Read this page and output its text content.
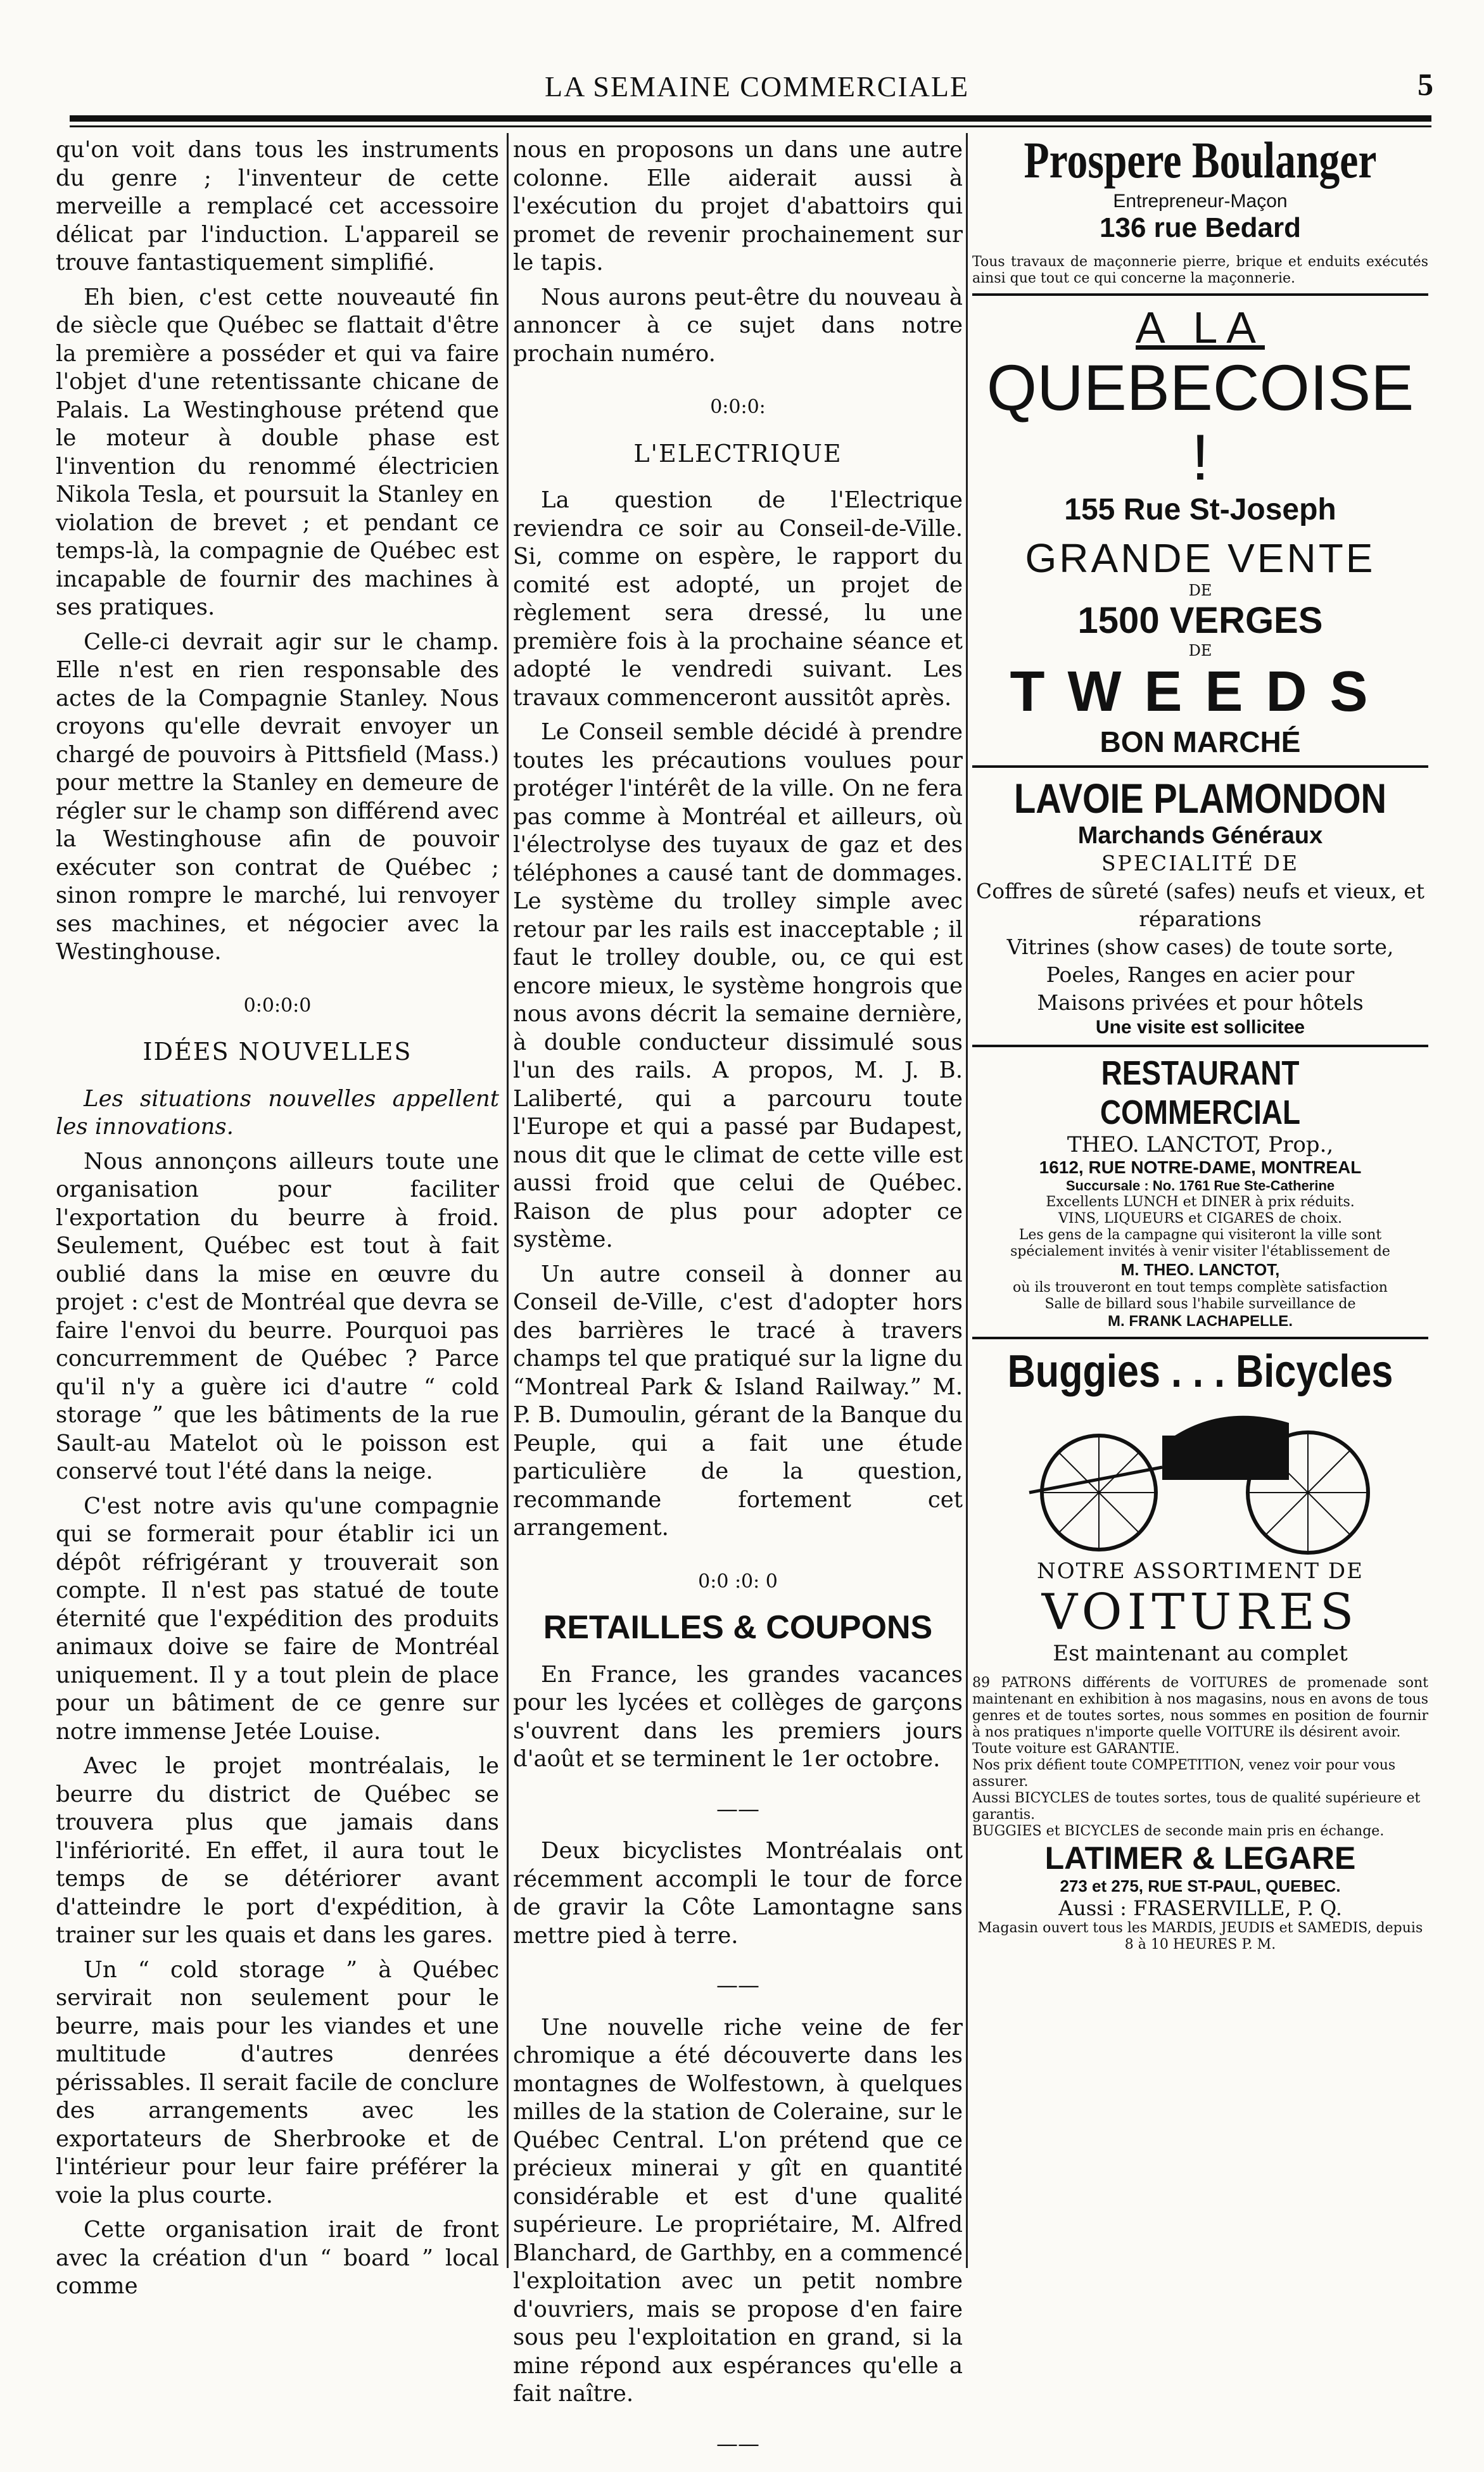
LA SEMAINE COMMERCIALE	5

qu'on voit dans tous les instruments du genre ; l'inventeur de cette merveille a remplacé cet accessoire délicat par l'induction. L'appareil se trouve fantastiquement simplifié.

Eh bien, c'est cette nouveauté fin de siècle que Québec se flattait d'être la première a posséder et qui va faire l'objet d'une retentissante chicane de Palais. La Westinghouse prétend que le moteur à double phase est l'invention du renommé électricien Nikola Tesla, et poursuit la Stanley en violation de brevet ; et pendant ce temps-là, la compagnie de Québec est incapable de fournir des machines à ses pratiques.

Celle-ci devrait agir sur le champ. Elle n'est en rien responsable des actes de la Compagnie Stanley. Nous croyons qu'elle devrait envoyer un chargé de pouvoirs à Pittsfield (Mass.) pour mettre la Stanley en demeure de régler sur le champ son différend avec la Westinghouse afin de pouvoir exécuter son contrat de Québec ; sinon rompre le marché, lui renvoyer ses machines, et négocier avec la Westinghouse.

0:0:0:0
IDÉES NOUVELLES

Les situations nouvelles appellent les innovations.

Nous annonçons ailleurs toute une organisation pour faciliter l'exportation du beurre à froid. Seulement, Québec est tout à fait oublié dans la mise en œuvre du projet : c'est de Montréal que devra se faire l'envoi du beurre. Pourquoi pas concurremment de Québec ? Parce qu'il n'y a guère ici d'autre “ cold storage ” que les bâtiments de la rue Sault-au Matelot où le poisson est conservé tout l'été dans la neige.

C'est notre avis qu'une compagnie qui se formerait pour établir ici un dépôt réfrigérant y trouverait son compte. Il n'est pas statué de toute éternité que l'expédition des produits animaux doive se faire de Montréal uniquement. Il y a tout plein de place pour un bâtiment de ce genre sur notre immense Jetée Louise.

Avec le projet montréalais, le beurre du district de Québec se trouvera plus que jamais dans l'infériorité. En effet, il aura tout le temps de se détériorer avant d'atteindre le port d'expédition, à trainer sur les quais et dans les gares.

Un “ cold storage ” à Québec servirait non seulement pour le beurre, mais pour les viandes et une multitude d'autres denrées périssables. Il serait facile de conclure des arrangements avec les exportateurs de Sherbrooke et de l'intérieur pour leur faire préférer la voie la plus courte.

Cette organisation irait de front avec la création d'un “ board ” local comme

nous en proposons un dans une autre colonne. Elle aiderait aussi à l'exécution du projet d'abattoirs qui promet de revenir prochainement sur le tapis.

Nous aurons peut-être du nouveau à annoncer à ce sujet dans notre prochain numéro.

0:0:0:
L'ELECTRIQUE

La question de l'Electrique reviendra ce soir au Conseil-de-Ville. Si, comme on espère, le rapport du comité est adopté, un projet de règlement sera dressé, lu une première fois à la prochaine séance et adopté le vendredi suivant. Les travaux commenceront aussitôt après.

Le Conseil semble décidé à prendre toutes les précautions voulues pour protéger l'intérêt de la ville. On ne fera pas comme à Montréal et ailleurs, où l'électrolyse des tuyaux de gaz et des téléphones a causé tant de dommages. Le système du trolley simple avec retour par les rails est inacceptable ; il faut le trolley double, ou, ce qui est encore mieux, le système hongrois que nous avons décrit la semaine dernière, à double conducteur dissimulé sous l'un des rails. A propos, M. J. B. Laliberté, qui a parcouru toute l'Europe et qui a passé par Budapest, nous dit que le climat de cette ville est aussi froid que celui de Québec. Raison de plus pour adopter ce système.

Un autre conseil à donner au Conseil de-Ville, c'est d'adopter hors des barrières le tracé à travers champs tel que pratiqué sur la ligne du “Montreal Park & Island Railway.” M. P. B. Dumoulin, gérant de la Banque du Peuple, qui a fait une étude particulière de la question, recommande fortement cet arrangement.

0:0 :0: 0
RETAILLES & COUPONS

En France, les grandes vacances pour les lycées et collèges de garçons s'ouvrent dans les premiers jours d'août et se terminent le 1er octobre.

——

Deux bicyclistes Montréalais ont récemment accompli le tour de force de gravir la Côte Lamontagne sans mettre pied à terre.

——

Une nouvelle riche veine de fer chromique a été découverte dans les montagnes de Wolfestown, à quelques milles de la station de Coleraine, sur le Québec Central. L'on prétend que ce précieux minerai y gît en quantité considérable et est d'une qualité supérieure. Le propriétaire, M. Alfred Blanchard, de Garthby, en a commencé l'exploitation avec un petit nombre d'ouvriers, mais se propose d'en faire sous peu l'exploitation en grand, si la mine répond aux espérances qu'elle a fait naître.

——
Prospere Boulanger
Entrepreneur-Maçon
136 rue Bedard
Tous travaux de maçonnerie pierre, brique et enduits exécutés ainsi que tout ce qui concerne la maçonnerie.
A LA
QUEBECOISE !
155 Rue St-Joseph
GRANDE VENTE
DE
1500 VERGES
DE
TWEEDS
BON MARCHÉ
LAVOIE PLAMONDON
Marchands Généraux
SPECIALITÉ DE
Coffres de sûreté (safes) neufs et vieux, et réparations
Vitrines (show cases) de toute sorte,
Poeles, Ranges en acier pour
Maisons privées et pour hôtels
Une visite est sollicitee
RESTAURANT COMMERCIAL
THEO. LANCTOT, Prop.,
1612, RUE NOTRE-DAME, MONTREAL
Succursale : No. 1761 Rue Ste-Catherine
Excellents LUNCH et DINER à prix réduits.
VINS, LIQUEURS et CIGARES de choix.
Les gens de la campagne qui visiteront la ville sont spécialement invités à venir visiter l'établissement de
M. THEO. LANCTOT,
où ils trouveront en tout temps complète satisfaction
Salle de billard sous l'habile surveillance de
M. FRANK LACHAPELLE.
Buggies . . . Bicycles
NOTRE ASSORTIMENT DE
VOITURES
Est maintenant au complet
89 PATRONS différents de VOITURES de promenade sont maintenant en exhibition à nos magasins, nous en avons de tous genres et de toutes sortes, nous sommes en position de fournir à nos pratiques n'importe quelle VOITURE ils désirent avoir.
Toute voiture est GARANTIE.
Nos prix défient toute COMPETITION, venez voir pour vous assurer.
Aussi BICYCLES de toutes sortes, tous de qualité supérieure et garantis.
BUGGIES et BICYCLES de seconde main pris en échange.
LATIMER & LEGARE
273 et 275, RUE ST-PAUL, QUEBEC.
Aussi : FRASERVILLE, P. Q.
Magasin ouvert tous les MARDIS, JEUDIS et SAMEDIS, depuis 8 à 10 HEURES P. M.
